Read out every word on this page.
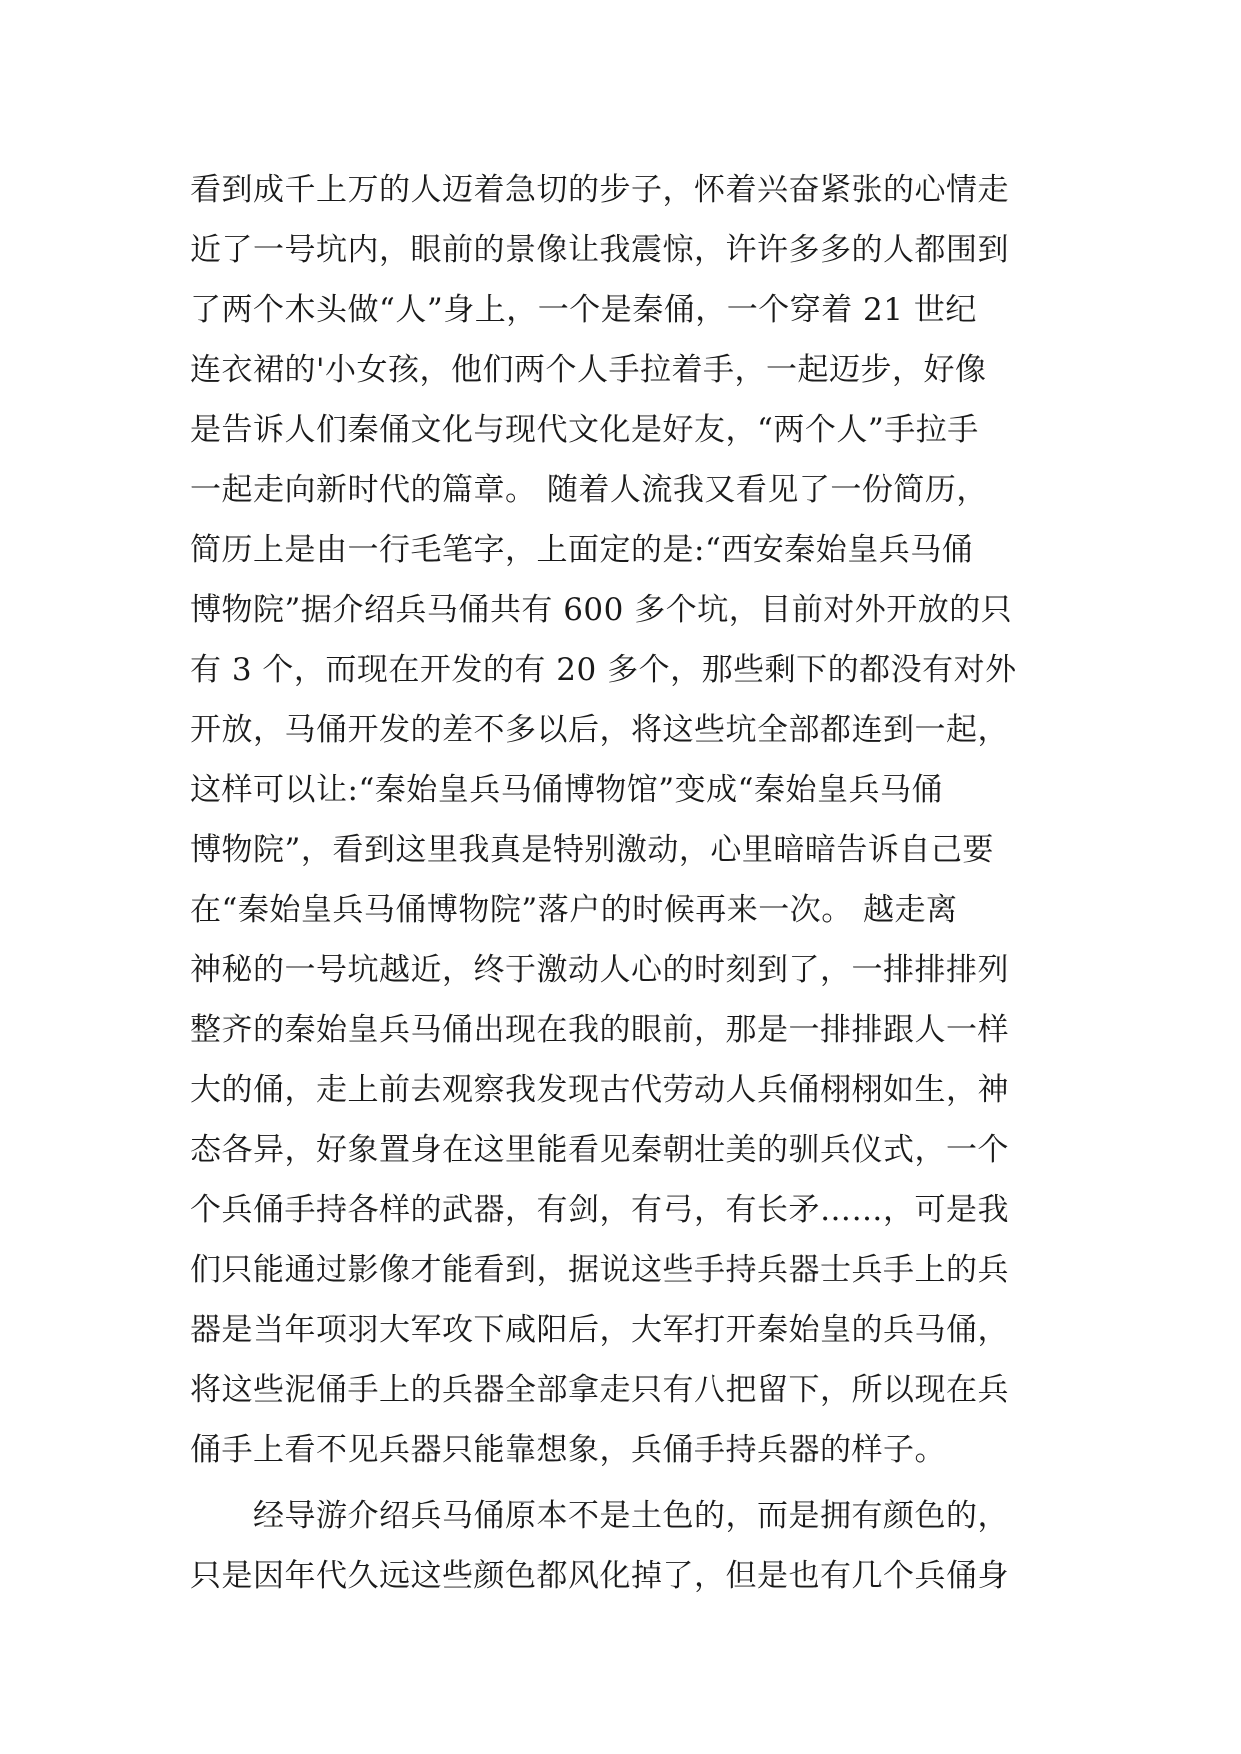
看到成千上万的人迈着急切的步子，怀着兴奋紧张的心情走
近了一号坑内，眼前的景像让我震惊，许许多多的人都围到
了两个木头做“人”身上，一个是秦俑，一个穿着 21 世纪
连衣裙的'小女孩，他们两个人手拉着手，一起迈步，好像
是告诉人们秦俑文化与现代文化是好友，“两个人”手拉手
一起走向新时代的篇章。 随着人流我又看见了一份简历，
简历上是由一行毛笔字，上面定的是:“西安秦始皇兵马俑
博物院”据介绍兵马俑共有 600 多个坑，目前对外开放的只
有 3 个，而现在开发的有 20 多个，那些剩下的都没有对外
开放，马俑开发的差不多以后，将这些坑全部都连到一起，
这样可以让:“秦始皇兵马俑博物馆”变成“秦始皇兵马俑
博物院”，看到这里我真是特别激动，心里暗暗告诉自己要
在“秦始皇兵马俑博物院”落户的时候再来一次。 越走离
神秘的一号坑越近，终于激动人心的时刻到了，一排排排列
整齐的秦始皇兵马俑出现在我的眼前，那是一排排跟人一样
大的俑，走上前去观察我发现古代劳动人兵俑栩栩如生，神
态各异，好象置身在这里能看见秦朝壮美的驯兵仪式，一个
个兵俑手持各样的武器，有剑，有弓，有长矛……，可是我
们只能通过影像才能看到，据说这些手持兵器士兵手上的兵
器是当年项羽大军攻下咸阳后，大军打开秦始皇的兵马俑，
将这些泥俑手上的兵器全部拿走只有八把留下，所以现在兵
俑手上看不见兵器只能靠想象，兵俑手持兵器的样子。
　　经导游介绍兵马俑原本不是土色的，而是拥有颜色的，
只是因年代久远这些颜色都风化掉了，但是也有几个兵俑身
